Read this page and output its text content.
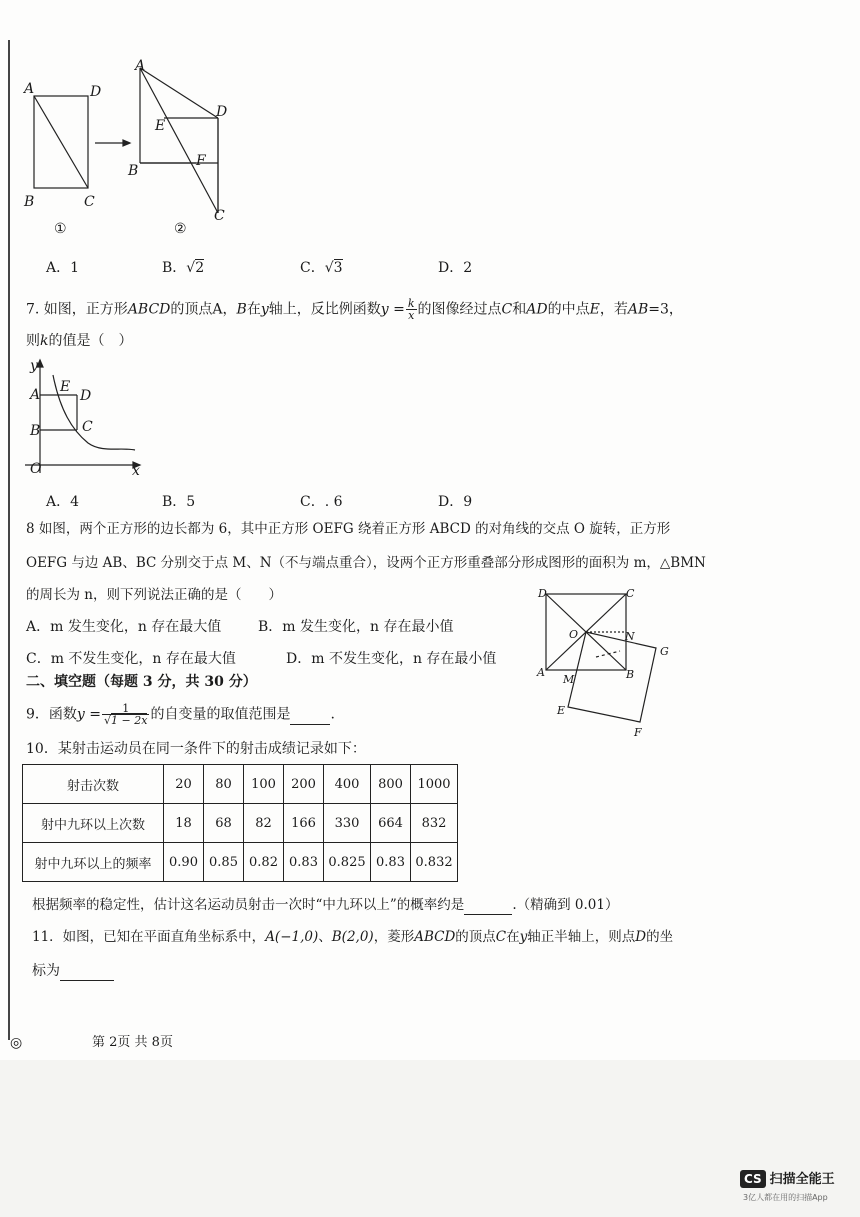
A	D
B	C
A
D
E
F
B
C
①	②
A．1	B．√2	C．√3	D．2
7. 如图，正方形ABCD的顶点A，B在y轴上，反比例函数$y = \frac{k}{x}$ 的图像经过点C和AD的中点E，若AB=3，
则k的值是（　）
y
A
B
E
D
C
O	x
A．4	B．5	C．. 6	D．9
8 如图，两个正方形的边长都为 6，其中正方形 OEFG 绕着正方形 ABCD 的对角线的交点 O 旋转，正方形
OEFG 与边 AB、BC 分别交于点 M、N（不与端点重合），设两个正方形重叠部分形成图形的面积为 m，△BMN
的周长为 n，则下列说法正确的是（　　）
A．m 发生变化，n 存在最大值	B．m 发生变化，n 存在最小值
C．m 不发生变化，n 存在最大值	D．m 不发生变化，n 存在最小值
D	C
O	N
G
A
M	B
E
F
二、填空题（每题 3 分，共 30 分）
9．函数$y = \frac{1}{√1 - 2x}$ 的自变量的取值范围是	.
10．某射击运动员在同一条件下的射击成绩记录如下：
射击次数	20	80	100	200	400	800	1000
射中九环以上次数	18	68	82	166	330	664	832
射中九环以上的频率	0.90	0.85	0.82	0.83	0.825	0.83	0.832
根据频率的稳定性，估计这名运动员射击一次时“中九环以上”的概率约是	.（精确到 0.01）
11．如图，已知在平面直角坐标系中，A(−1,0)、B(2,0)，菱形ABCD的顶点C在y轴正半轴上，则点D的坐
标为
◎	第 2页 共 8页
CS 扫描全能王
3亿人都在用的扫描App
